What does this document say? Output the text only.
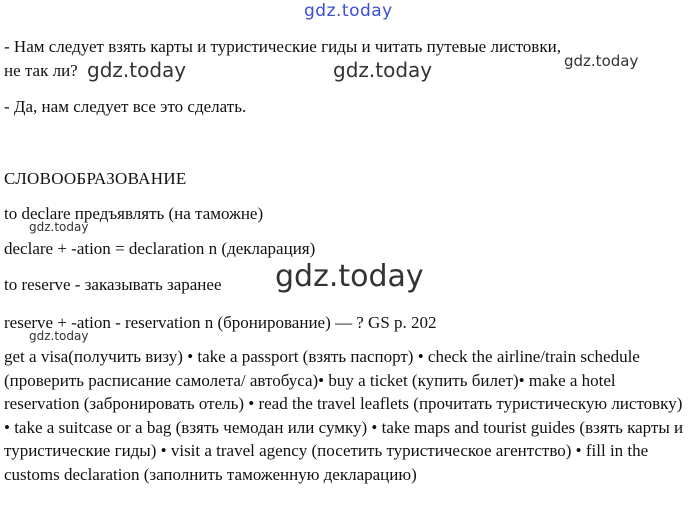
gdz.today
gdz.today	gdz.today	gdz.today
gdz.today
gdz.today
gdz.today
- Нам следует взять карты и туристические гиды и читать путевые листовки,
не так ли?
- Да, нам следует все это сделать.
СЛОВООБРАЗОВАНИЕ
to declare предъявлять (на таможне)
declare + -ation = declaration n (декларация)
to reserve - заказывать заранее
reserve + -ation - reservation n (бронирование) — ? GS p. 202
get a visa(получить визу) • take a passport (взять паспорт) • check the airline/train schedule (проверить расписание самолета/ автобуса)• buy a ticket (купить билет)• make a hotel reservation (забронировать отель) • read the travel leaflets (прочитать туристическую листовку) • take a suitcase or a bag (взять чемодан или сумку) • take maps and tourist guides (взять карты и туристические гиды) • visit a travel agency (посетить туристическое агентство) • fill in the customs declaration (заполнить таможенную декларацию)
